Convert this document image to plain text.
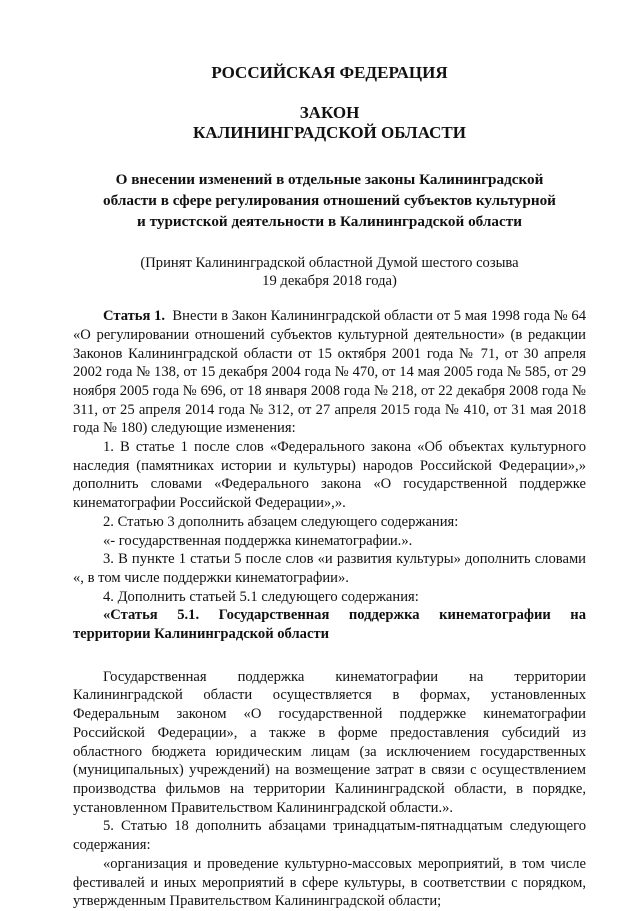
РОССИЙСКАЯ ФЕДЕРАЦИЯ
ЗАКОН
КАЛИНИНГРАДСКОЙ ОБЛАСТИ
О внесении изменений в отдельные законы Калининградской
области в сфере регулирования отношений субъектов культурной
и туристской деятельности в Калининградской области
(Принят Калининградской областной Думой шестого созыва
19 декабря 2018 года)

Статья 1. Внести в Закон Калининградской области от 5 мая 1998 года № 64 «О регулировании отношений субъектов культурной деятельности» (в редакции Законов Калининградской области от 15 октября 2001 года № 71, от 30 апреля 2002 года № 138, от 15 декабря 2004 года № 470, от 14 мая 2005 года № 585, от 29 ноября 2005 года № 696, от 18 января 2008 года № 218, от 22 декабря 2008 года № 311, от 25 апреля 2014 года № 312, от 27 апреля 2015 года № 410, от 31 мая 2018 года № 180) следующие изменения:

1. В статье 1 после слов «Федерального закона «Об объектах культурного наследия (памятниках истории и культуры) народов Российской Федерации»,» дополнить словами «Федерального закона «О государственной поддержке кинематографии Российской Федерации»,».

2. Статью 3 дополнить абзацем следующего содержания:

«- государственная поддержка кинематографии.».

3. В пункте 1 статьи 5 после слов «и развития культуры» дополнить словами «, в том числе поддержки кинематографии».

4. Дополнить статьей 5.1 следующего содержания:

«Статья 5.1. Государственная поддержка кинематографии на
территории Калининградской области

Государственная поддержка кинематографии на территории Калининградской области осуществляется в формах, установленных Федеральным законом «О государственной поддержке кинематографии Российской Федерации», а также в форме предоставления субсидий из областного бюджета юридическим лицам (за исключением государственных (муниципальных) учреждений) на возмещение затрат в связи с осуществлением производства фильмов на территории Калининградской области, в порядке, установленном Правительством Калининградской области.».

5. Статью 18 дополнить абзацами тринадцатым-пятнадцатым следующего содержания:

«организация и проведение культурно-массовых мероприятий, в том числе фестивалей и иных мероприятий в сфере культуры, в соответствии с порядком, утвержденным Правительством Калининградской области;
